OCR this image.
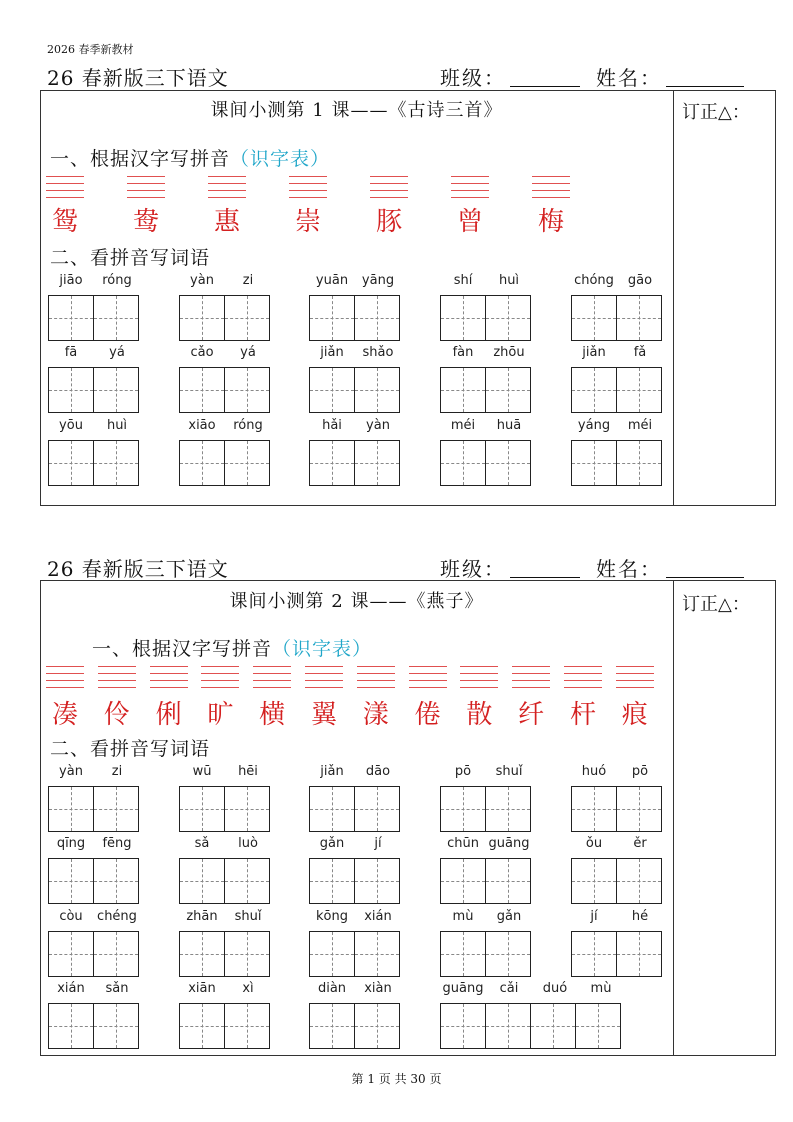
2026 春季新教材
26 春新版三下语文	班级：	姓名：
订正△：
课间小测第 1 课——《古诗三首》
一、根据汉字写拼音（识字表）
鸳	鸯	惠	崇	豚	曾	梅
二、看拼音写词语
jiāo	róng	yàn	zi	yuān	yāng	shí	huì	chóng	gāo
fā	yá	cǎo	yá	jiǎn	shǎo	fàn	zhōu	jiǎn	fǎ
yōu	huì	xiāo	róng	hǎi	yàn	méi	huā	yáng	méi
26 春新版三下语文	班级：	姓名：
订正△：
课间小测第 2 课——《燕子》
一、根据汉字写拼音（识字表）
凑 伶 俐 旷 横 翼 漾 倦 散 纤 杆 痕
二、看拼音写词语
yàn	zi	wū	hēi	jiǎn	dāo	pō	shuǐ	huó	pō
qīng	fēng	sǎ	luò	gǎn	jí	chūn guāng	ǒu	ěr
còu	chéng	zhān	shuǐ	kōng	xián	mù	gǎn	jí	hé
xián	sǎn	xiān	xì	diàn	xiàn	guāng	cǎi	duó	mù
第 1 页 共 30 页
